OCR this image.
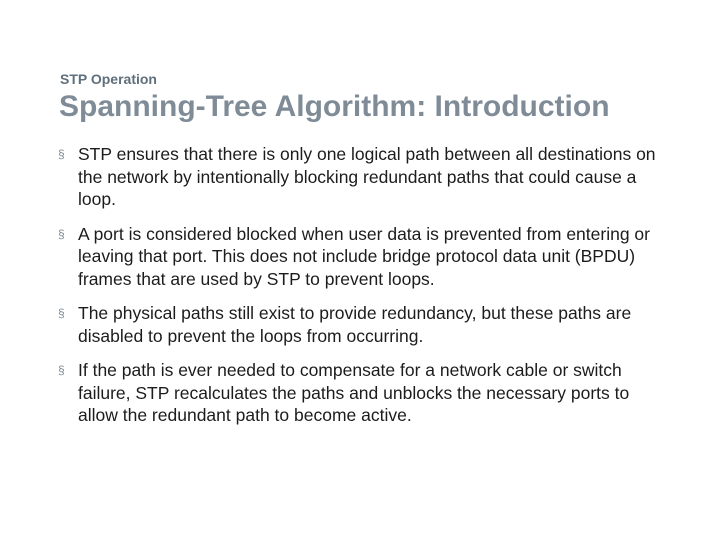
STP Operation
Spanning-Tree Algorithm: Introduction
§ STP ensures that there is only one logical path between all destinations on the network by intentionally blocking redundant paths that could cause a loop.
§ A port is considered blocked when user data is prevented from entering or leaving that port. This does not include bridge protocol data unit (BPDU) frames that are used by STP to prevent loops.
§ The physical paths still exist to provide redundancy, but these paths are disabled to prevent the loops from occurring.
§ If the path is ever needed to compensate for a network cable or switch failure, STP recalculates the paths and unblocks the necessary ports to allow the redundant path to become active.
